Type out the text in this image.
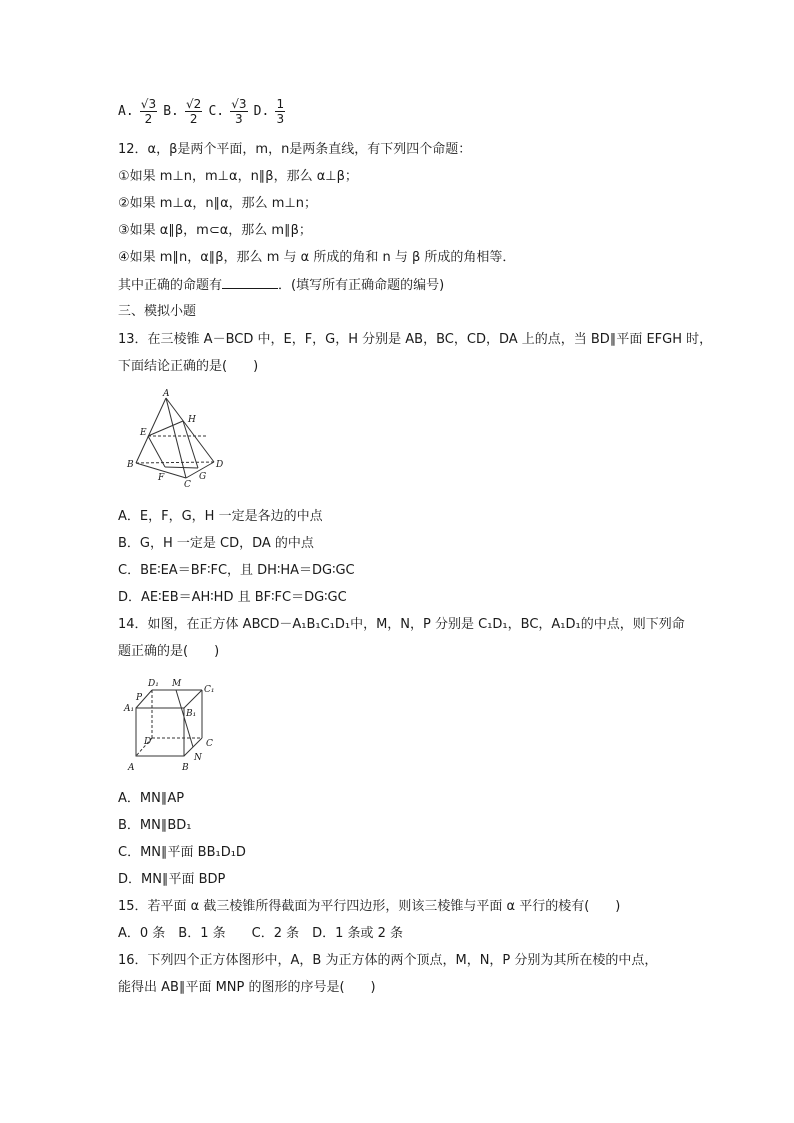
A. $\frac{√3}{2} B$. $\frac{√2}{2} C$. $\frac{√3}{3} D$. $\frac{1}{3}$
12．α，β是两个平面，m，n是两条直线，有下列四个命题：
①如果 m⊥n，m⊥α，n∥β，那么 α⊥β；
②如果 m⊥α，n∥α，那么 m⊥n；
③如果 α∥β，m⊂α，那么 m∥β；
④如果 m∥n，α∥β，那么 m 与 α 所成的角和 n 与 β 所成的角相等．
其中正确的命题有	．(填写所有正确命题的编号)
三、模拟小题
13．在三棱锥 A－BCD 中，E，F，G，H 分别是 AB，BC，CD，DA 上的点，当 BD∥平面 EFGH 时，
下面结论正确的是(　　)
A
B
C
D
E
F	G
H
A．E，F，G，H 一定是各边的中点
B．G，H 一定是 CD，DA 的中点
C．BE∶EA＝BF∶FC，且 DH∶HA＝DG∶GC
D．AE∶EB＝AH∶HD 且 BF∶FC＝DG∶GC
14．如图，在正方体 ABCD－A₁B₁C₁D₁中，M，N，P 分别是 C₁D₁，BC，A₁D₁的中点，则下列命
题正确的是(　　)
A	B
C
D
A₁	B₁
C₁
D₁ M
N
P
A．MN∥AP
B．MN∥BD₁
C．MN∥平面 BB₁D₁D
D．MN∥平面 BDP
15．若平面 α 截三棱锥所得截面为平行四边形，则该三棱锥与平面 α 平行的棱有(　　)
A．0 条　B．1 条　　C．2 条　D．1 条或 2 条
16．下列四个正方体图形中，A，B 为正方体的两个顶点，M，N，P 分别为其所在棱的中点，
能得出 AB∥平面 MNP 的图形的序号是(　　)
